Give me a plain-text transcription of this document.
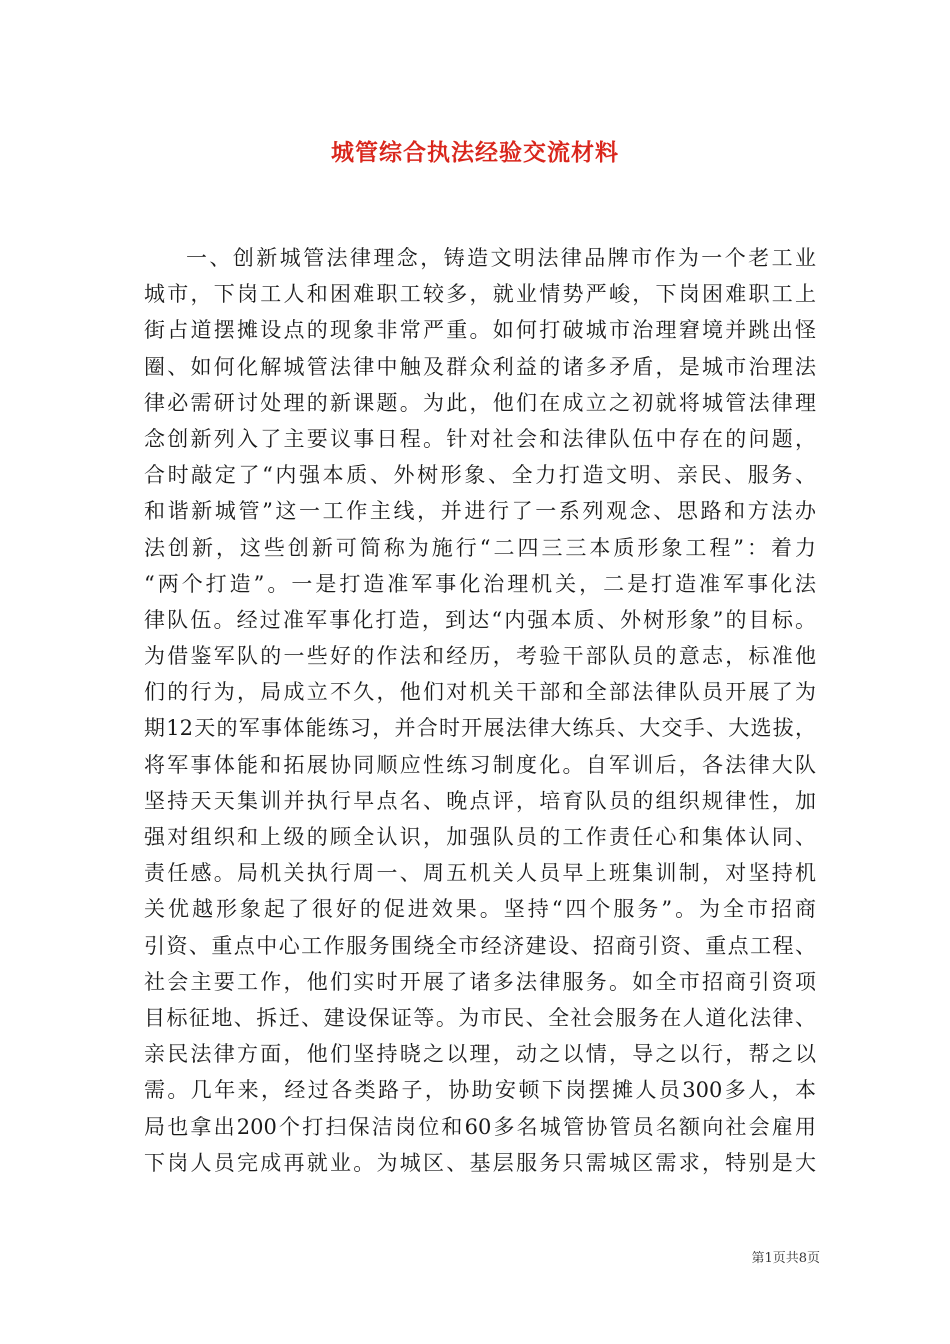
城管综合执法经验交流材料
一、创新城管法律理念，铸造文明法律品牌市作为一个老工业
城市，下岗工人和困难职工较多，就业情势严峻，下岗困难职工上
街占道摆摊设点的现象非常严重。如何打破城市治理窘境并跳出怪
圈、如何化解城管法律中触及群众利益的诸多矛盾，是城市治理法
律必需研讨处理的新课题。为此，他们在成立之初就将城管法律理
念创新列入了主要议事日程。针对社会和法律队伍中存在的问题，
合时敲定了“内强本质、外树形象、全力打造文明、亲民、服务、
和谐新城管”这一工作主线，并进行了一系列观念、思路和方法办
法创新，这些创新可简称为施行“二四三三本质形象工程”：着力
“两个打造”。一是打造准军事化治理机关，二是打造准军事化法
律队伍。经过准军事化打造，到达“内强本质、外树形象”的目标。
为借鉴军队的一些好的作法和经历，考验干部队员的意志，标准他
们的行为，局成立不久，他们对机关干部和全部法律队员开展了为
期12天的军事体能练习，并合时开展法律大练兵、大交手、大选拔，
将军事体能和拓展协同顺应性练习制度化。自军训后，各法律大队
坚持天天集训并执行早点名、晚点评，培育队员的组织规律性，加
强对组织和上级的顾全认识，加强队员的工作责任心和集体认同、
责任感。局机关执行周一、周五机关人员早上班集训制，对坚持机
关优越形象起了很好的促进效果。坚持“四个服务”。为全市招商
引资、重点中心工作服务围绕全市经济建设、招商引资、重点工程、
社会主要工作，他们实时开展了诸多法律服务。如全市招商引资项
目标征地、拆迁、建设保证等。为市民、全社会服务在人道化法律、
亲民法律方面，他们坚持晓之以理，动之以情，导之以行，帮之以
需。几年来，经过各类路子，协助安顿下岗摆摊人员300多人，本
局也拿出200个打扫保洁岗位和60多名城管协管员名额向社会雇用
下岗人员完成再就业。为城区、基层服务只需城区需求，特别是大
第1页共8页
